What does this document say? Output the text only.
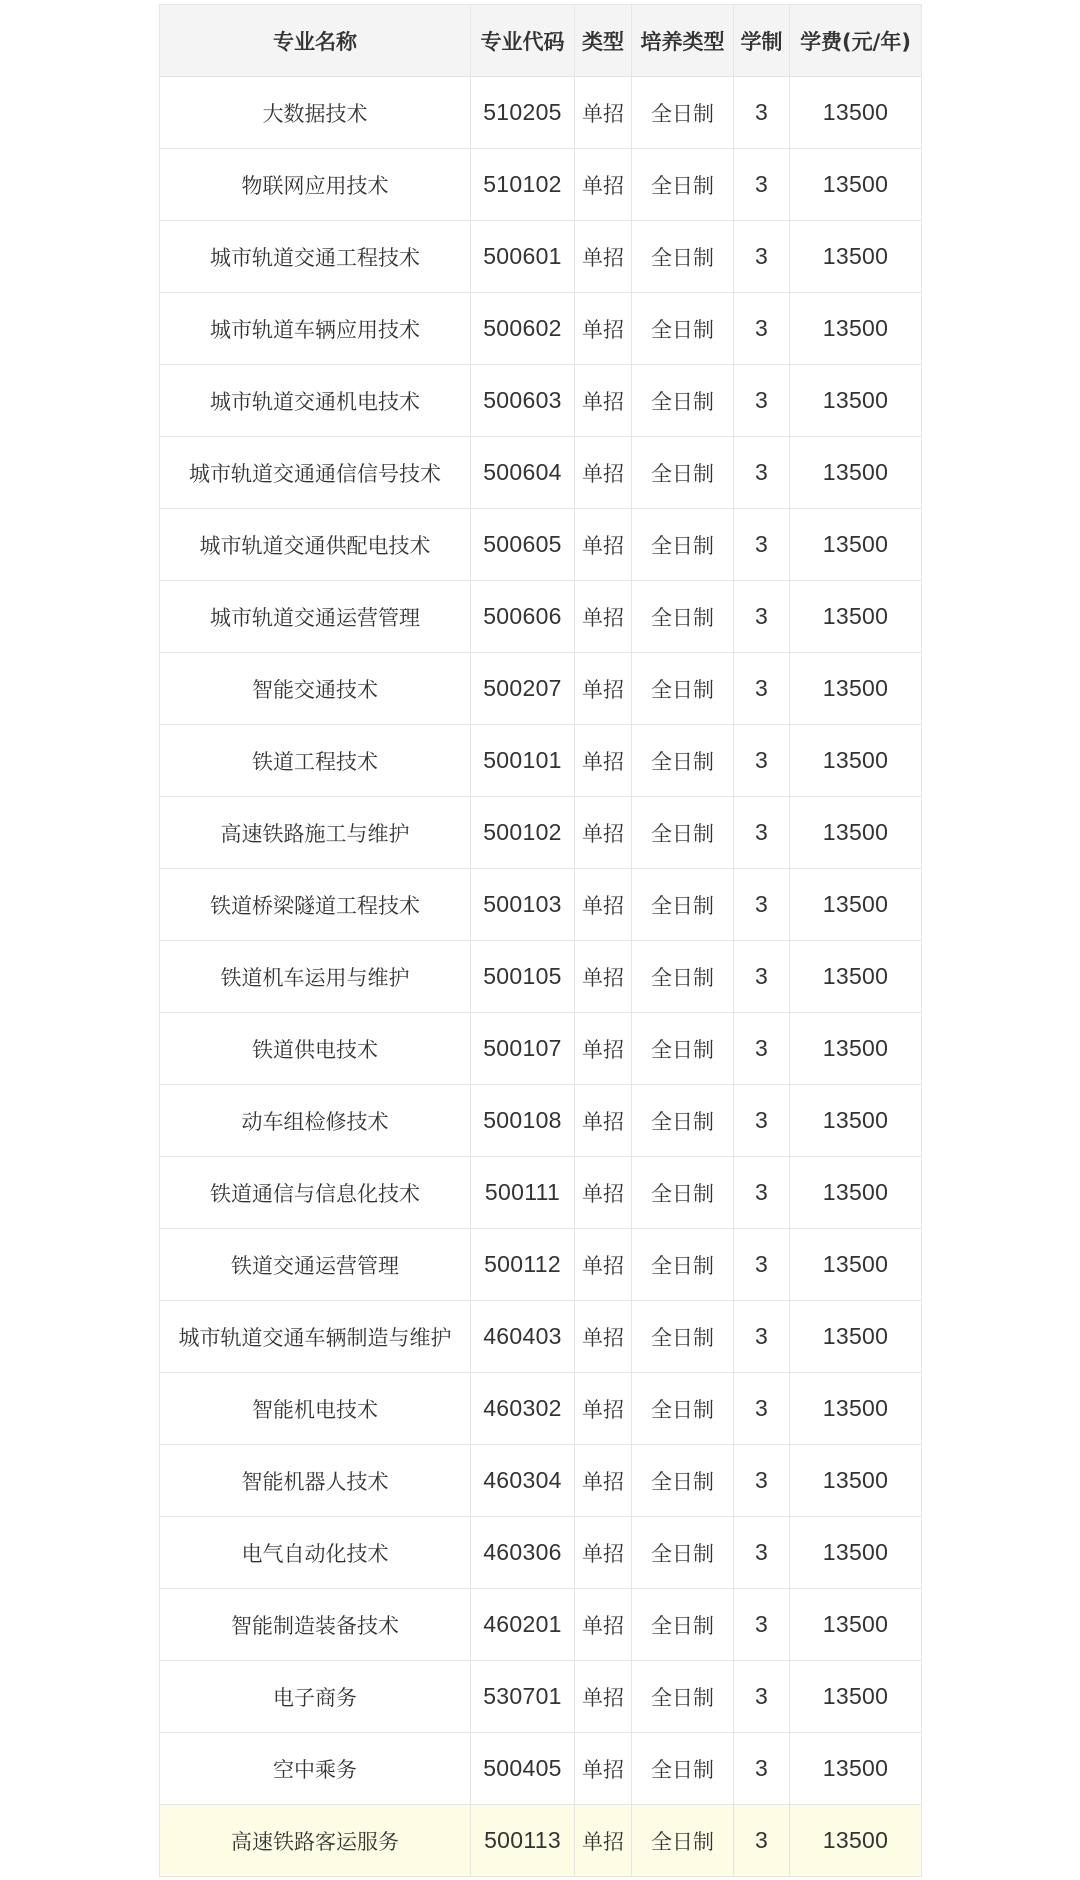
专业名称	专业代码	类型	培养类型	学制	学费(元/年)
大数据技术	510205	单招	全日制	3	13500
物联网应用技术	510102	单招	全日制	3	13500
城市轨道交通工程技术	500601	单招	全日制	3	13500
城市轨道车辆应用技术	500602	单招	全日制	3	13500
城市轨道交通机电技术	500603	单招	全日制	3	13500
城市轨道交通通信信号技术	500604	单招	全日制	3	13500
城市轨道交通供配电技术	500605	单招	全日制	3	13500
城市轨道交通运营管理	500606	单招	全日制	3	13500
智能交通技术	500207	单招	全日制	3	13500
铁道工程技术	500101	单招	全日制	3	13500
高速铁路施工与维护	500102	单招	全日制	3	13500
铁道桥梁隧道工程技术	500103	单招	全日制	3	13500
铁道机车运用与维护	500105	单招	全日制	3	13500
铁道供电技术	500107	单招	全日制	3	13500
动车组检修技术	500108	单招	全日制	3	13500
铁道通信与信息化技术	500111	单招	全日制	3	13500
铁道交通运营管理	500112	单招	全日制	3	13500
城市轨道交通车辆制造与维护	460403	单招	全日制	3	13500
智能机电技术	460302	单招	全日制	3	13500
智能机器人技术	460304	单招	全日制	3	13500
电气自动化技术	460306	单招	全日制	3	13500
智能制造装备技术	460201	单招	全日制	3	13500
电子商务	530701	单招	全日制	3	13500
空中乘务	500405	单招	全日制	3	13500
高速铁路客运服务	500113	单招	全日制	3	13500
